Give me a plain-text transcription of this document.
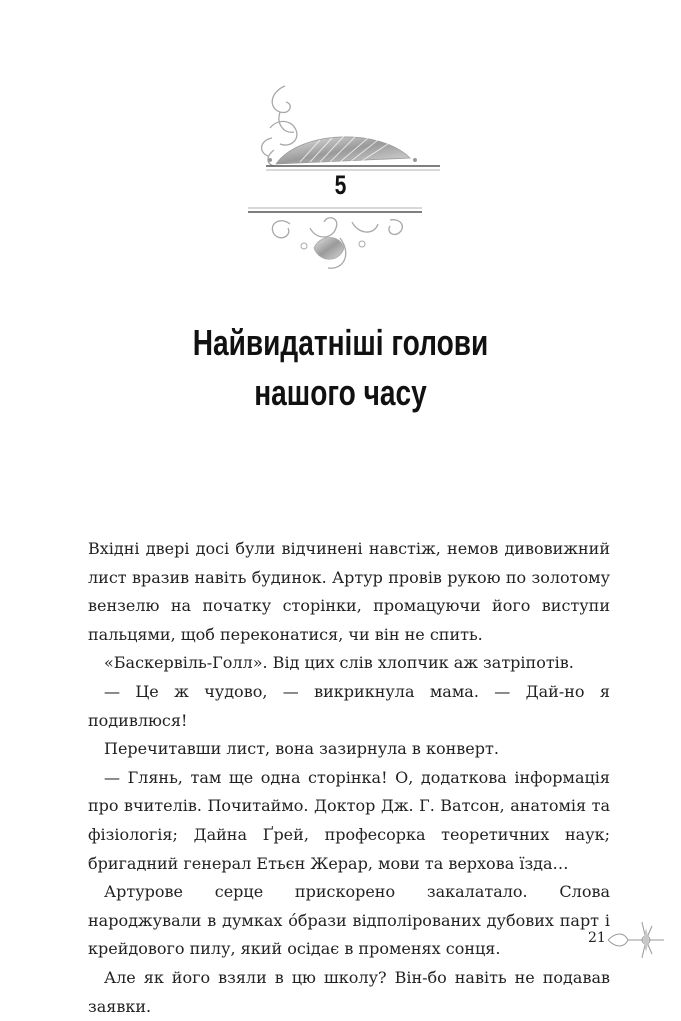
5
Найвидатніші голови
нашого часу

Вхідні двері досі були відчинені навстіж, немов дивовижний лист вразив навіть будинок. Артур провів рукою по золотому вензелю на початку сторінки, промацуючи його виступи пальцями, щоб переконатися, чи він не спить.

«Баскервіль-Голл». Від цих слів хлопчик аж затріпотів.

— Це ж чудово, — викрикнула мама. — Дай-но я подивлюся!

Перечитавши лист, вона зазирнула в конверт.

— Глянь, там ще одна сторінка! О, додаткова інформація про вчителів. Почитаймо. Доктор Дж. Г. Ватсон, анатомія та фізіологія; Дайна Ґрей, професорка теоретичних наук; бригадний генерал Етьєн Жерар, мови та верхова їзда…

Артурове серце прискорено закалатало. Слова народжували в думках óбрази відполірованих дубових парт і крейдового пилу, який осідає в променях сонця.

Але як його взяли в цю школу? Він-бо навіть не подавав заявки.

21
